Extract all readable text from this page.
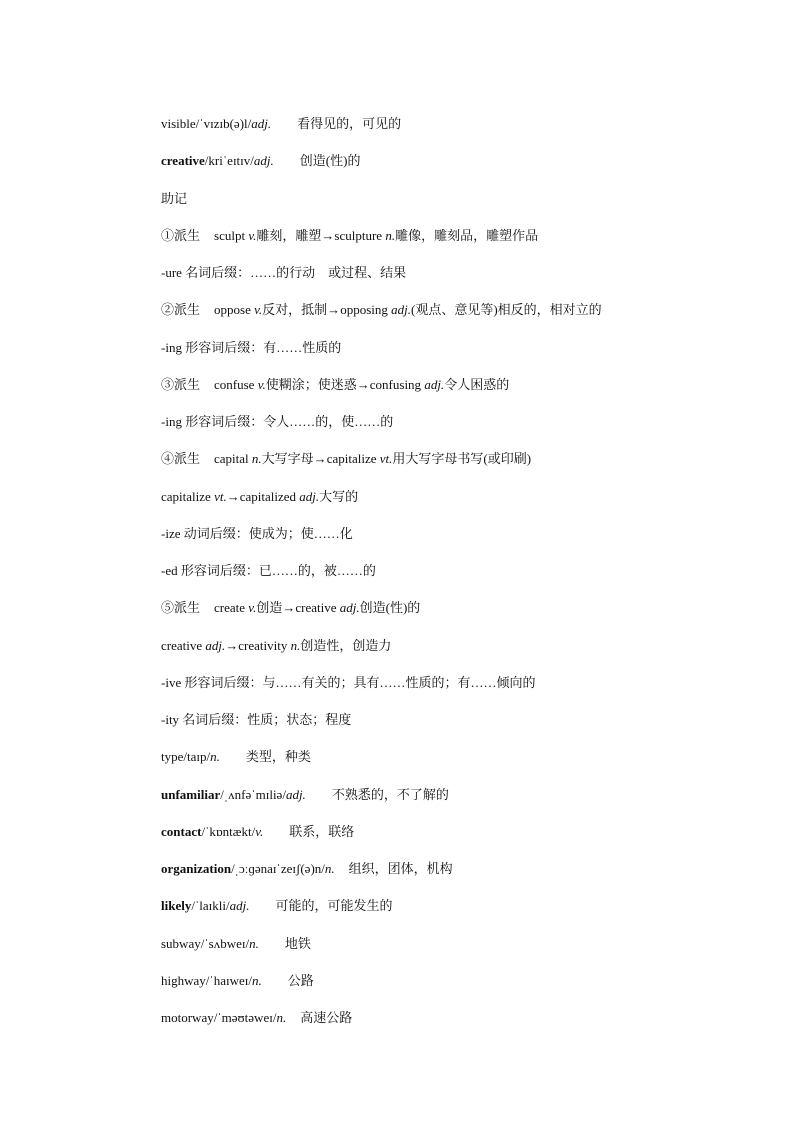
visible/ˈvɪzɪb(ə)l/adj. 看得见的，可见的

creative/kriˈeɪtɪv/adj. 创造(性)的

助记

①派生 sculpt v.雕刻，雕塑→sculpture n.雕像，雕刻品，雕塑作品

-ure 名词后缀：……的行动　或过程、结果

②派生 oppose v.反对，抵制→opposing adj.(观点、意见等)相反的，相对立的

-ing 形容词后缀：有……性质的

③派生 confuse v.使糊涂；使迷惑→confusing adj.令人困惑的

-ing 形容词后缀：令人……的，使……的

④派生 capital n.大写字母→capitalize vt.用大写字母书写(或印刷)

capitalize vt.→capitalized adj.大写的

-ize 动词后缀：使成为；使……化

-ed 形容词后缀：已……的，被……的

⑤派生 create v.创造→creative adj.创造(性)的

creative adj.→creativity n.创造性，创造力

-ive 形容词后缀：与……有关的；具有……性质的；有……倾向的

-ity 名词后缀：性质；状态；程度

type/taɪp/n. 类型，种类

unfamiliar/ˌʌnfəˈmɪliə/adj. 不熟悉的，不了解的

contact/ˈkɒntækt/v. 联系，联络

organization/ˌɔːɡənaɪˈzeɪʃ(ə)n/n. 组织，团体，机构

likely/ˈlaɪkli/adj. 可能的，可能发生的

subway/ˈsʌbweɪ/n. 地铁

highway/ˈhaɪweɪ/n. 公路

motorway/ˈməʊtəweɪ/n. 高速公路
